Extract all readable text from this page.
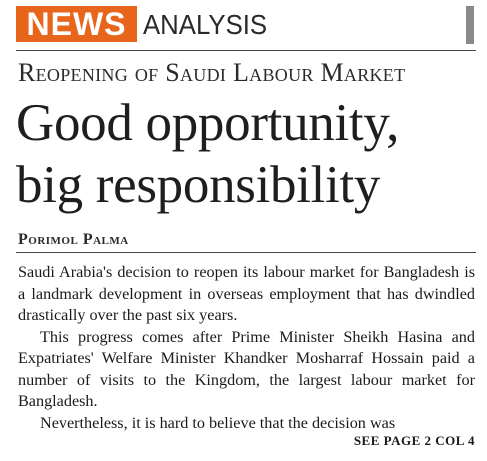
NEWS ANALYSIS
Reopening of Saudi Labour Market
Good opportunity,
big responsibility
Porimol Palma

Saudi Arabia's decision to reopen its labour market for Bangladesh is a landmark development in overseas employment that has dwindled drastically over the past six years.

This progress comes after Prime Minister Sheikh Hasina and Expatriates' Welfare Minister Khandker Mosharraf Hossain paid a number of visits to the Kingdom, the largest labour market for Bangladesh.

Nevertheless, it is hard to believe that the decision was

SEE PAGE 2 COL 4
